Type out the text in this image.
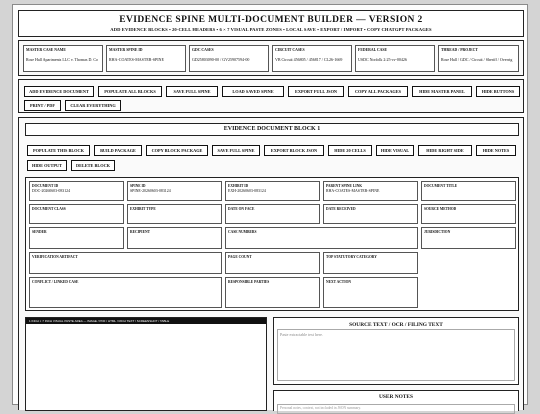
EVIDENCE SPINE MULTI-DOCUMENT BUILDER — VERSION 2
ADD EVIDENCE BLOCKS • 20-CELL HEADERS • 6 × 7 VISUAL PASTE ZONES • LOCAL SAVE • EXPORT / IMPORT • COPY CHATGPT PACKAGES
MASTER CASE NAME
Rose Hall Apartments LLC v. Thomas D. Co
MASTER SPINE ID
RHA-COATES-MASTER-SPINE
GDC CASES
GD25803090-00 / GV25907594-00
CIRCUIT CASES
VB Circuit 456805 / 456817 / CL26-1669
FEDERAL CASE
USDC Norfolk 2:25-cv-00426
THREAD / PROJECT
Rose Hall / GDC / Circuit / Sheriff / Overrig
ADD EVIDENCE DOCUMENT	POPULATE ALL BLOCKS	SAVE FULL SPINE	LOAD SAVED SPINE	EXPORT FULL JSON	COPY ALL PACKAGES	HIDE MASTER PANEL	HIDE BUTTONS
PRINT / PDF	CLEAR EVERYTHING
EVIDENCE DOCUMENT BLOCK 1
POPULATE THIS BLOCK	BUILD PACKAGE	COPY BLOCK PACKAGE	SAVE FULL SPINE	EXPORT BLOCK JSON	HIDE 20 CELLS	HIDE VISUAL	HIDE RIGHT SIDE	HIDE NOTES
HIDE OUTPUT	DELETE BLOCK
DOCUMENT ID
DOC-20260603-083124
SPINE ID
SPINE-20260603-083124
EXHIBIT ID
EXH-20260603-083124
PARENT SPINE LINK
RHA-COATES-MASTER-SPINE
DOCUMENT TITLE
DOCUMENT CLASS	EXHIBIT TYPE	DATE ON FACE	DATE RECEIVED	SOURCE METHOD
SENDER	RECIPIENT	CASE NUMBERS	JURISDICTION
VERIFICATION ARTIFACT	PAGE COUNT	TOP STATUTORY CATEGORY
CONFLICT / LINKED CASE	RESPONSIBLE PARTIES	NEXT ACTION
1 INCH × 7 INCH VISUAL PASTE AREA — IMAGE / PDF / HTML / RICH TEXT / SCREENSHOT / TABLE
SOURCE TEXT / OCR / FILING TEXT
Paste extractable text here.
USER NOTES
Personal notes, context, not included in JSON summary.
